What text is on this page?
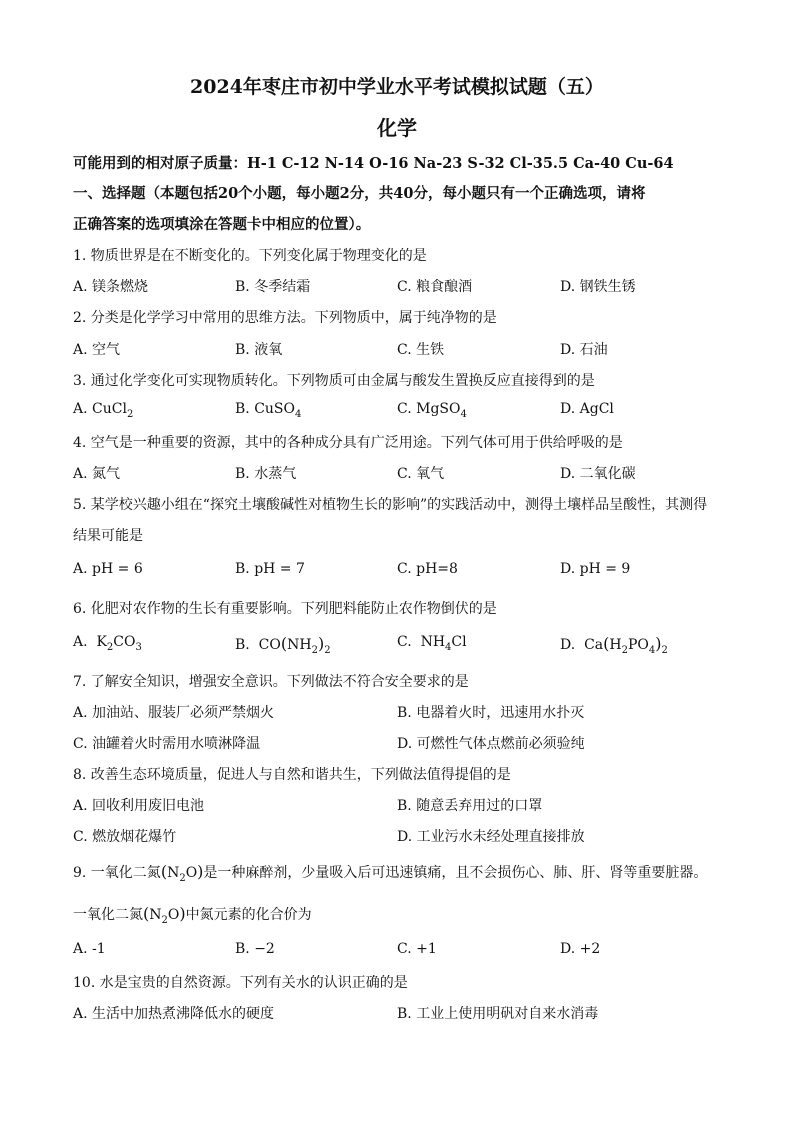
2024年枣庄市初中学业水平考试模拟试题（五）
化学
可能用到的相对原子质量：H-1 C-12 N-14 O-16 Na-23 S-32 Cl-35.5 Ca-40 Cu-64
一、选择题（本题包括20个小题，每小题2分，共40分，每小题只有一个正确选项，请将
正确答案的选项填涂在答题卡中相应的位置）。
1. 物质世界是在不断变化的。下列变化属于物理变化的是
A. 镁条燃烧	B. 冬季结霜	C. 粮食酿酒	D. 钢铁生锈
2. 分类是化学学习中常用的思维方法。下列物质中，属于纯净物的是
A. 空气	B. 液氧	C. 生铁	D. 石油
3. 通过化学变化可实现物质转化。下列物质可由金属与酸发生置换反应直接得到的是
A. CuCl$_2$	B. CuSO$_4$	C. MgSO$_4$	D. AgCl
4. 空气是一种重要的资源，其中的各种成分具有广泛用途。下列气体可用于供给呼吸的是
A. 氮气	B. 水蒸气	C. 氧气	D. 二氧化碳
5. 某学校兴趣小组在“探究土壤酸碱性对植物生长的影响”的实践活动中，测得土壤样品呈酸性，其测得
结果可能是
A. pH = 6	B. pH = 7	C. pH=8	D. pH = 9
6. 化肥对农作物的生长有重要影响。下列肥料能防止农作物倒伏的是
A.  $K_2CO_3$	B.  $CO(NH_2)_2$
C.  $NH_4Cl$	D.  $Ca(H_2PO_4)_2$
7. 了解安全知识，增强安全意识。下列做法不符合安全要求的是
A. 加油站、服装厂必须严禁烟火	B. 电器着火时，迅速用水扑灭
C. 油罐着火时需用水喷淋降温	D. 可燃性气体点燃前必须验纯
8. 改善生态环境质量，促进人与自然和谐共生，下列做法值得提倡的是
A. 回收利用废旧电池	B. 随意丢弃用过的口罩
C. 燃放烟花爆竹	D. 工业污水未经处理直接排放
9. 一氧化二氮$(N_2O)$是一种麻醉剂，少量吸入后可迅速镇痛，且不会损伤心、肺、肝、肾等重要脏器。
一氧化二氮$(N_2O)$中氮元素的化合价为
A. -1	B. −2	C. +1	D. +2
10. 水是宝贵的自然资源。下列有关水的认识正确的是
A. 生活中加热煮沸降低水的硬度	B. 工业上使用明矾对自来水消毒
